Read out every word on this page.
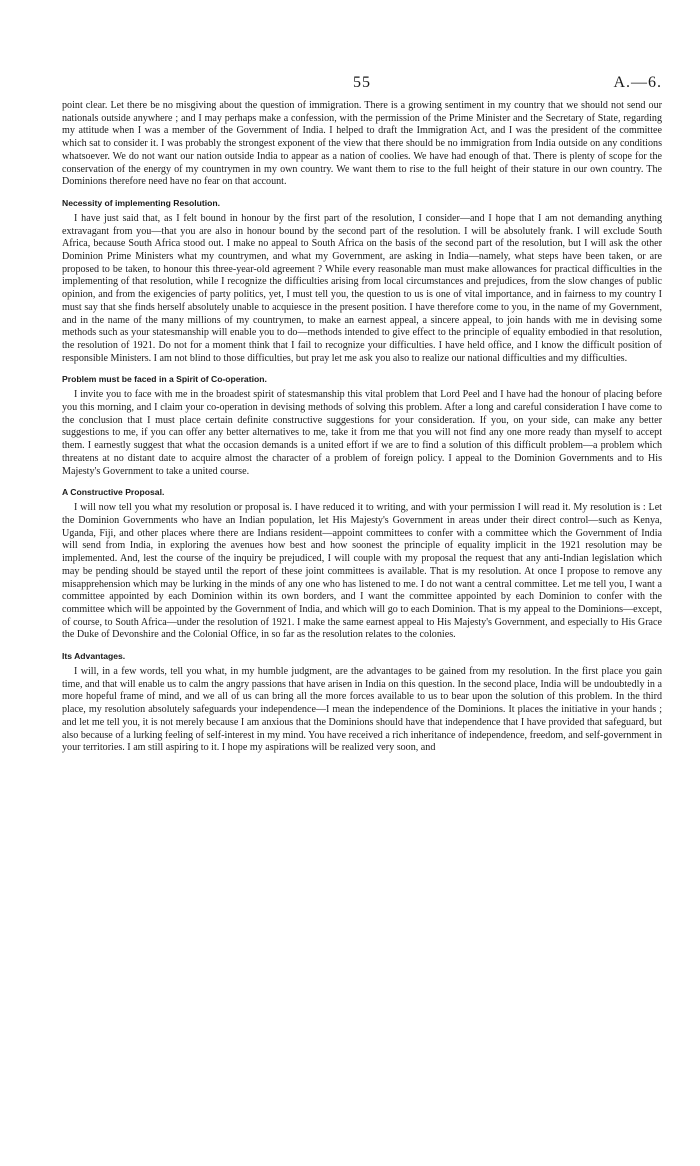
55	A.—6.

point clear. Let there be no misgiving about the question of immigration. There is a growing sentiment in my country that we should not send our nationals outside anywhere ; and I may perhaps make a confession, with the permission of the Prime Minister and the Secretary of State, regarding my attitude when I was a member of the Government of India. I helped to draft the Immigration Act, and I was the president of the committee which sat to consider it. I was probably the strongest exponent of the view that there should be no immigration from India outside on any conditions whatsoever. We do not want our nation outside India to appear as a nation of coolies. We have had enough of that. There is plenty of scope for the conservation of the energy of my countrymen in my own country. We want them to rise to the full height of their stature in our own country. The Dominions therefore need have no fear on that account.

Necessity of implementing Resolution.

I have just said that, as I felt bound in honour by the first part of the resolution, I consider—and I hope that I am not demanding anything extravagant from you—that you are also in honour bound by the second part of the resolution. I will be absolutely frank. I will exclude South Africa, because South Africa stood out. I make no appeal to South Africa on the basis of the second part of the resolution, but I will ask the other Dominion Prime Ministers what my countrymen, and what my Government, are asking in India—namely, what steps have been taken, or are proposed to be taken, to honour this three-year-old agreement ? While every reasonable man must make allowances for practical difficulties in the implementing of that resolution, while I recognize the difficulties arising from local circumstances and prejudices, from the slow changes of public opinion, and from the exigencies of party politics, yet, I must tell you, the question to us is one of vital importance, and in fairness to my country I must say that she finds herself absolutely unable to acquiesce in the present position. I have therefore come to you, in the name of my Government, and in the name of the many millions of my countrymen, to make an earnest appeal, a sincere appeal, to join hands with me in devising some methods such as your statesmanship will enable you to do—methods intended to give effect to the principle of equality embodied in that resolution, the resolution of 1921. Do not for a moment think that I fail to recognize your difficulties. I have held office, and I know the difficult position of responsible Ministers. I am not blind to those difficulties, but pray let me ask you also to realize our national difficulties and my difficulties.

Problem must be faced in a Spirit of Co-operation.

I invite you to face with me in the broadest spirit of statesmanship this vital problem that Lord Peel and I have had the honour of placing before you this morning, and I claim your co-operation in devising methods of solving this problem. After a long and careful consideration I have come to the conclusion that I must place certain definite constructive suggestions for your consideration. If you, on your side, can make any better suggestions to me, if you can offer any better alternatives to me, take it from me that you will not find any one more ready than myself to accept them. I earnestly suggest that what the occasion demands is a united effort if we are to find a solution of this difficult problem—a problem which threatens at no distant date to acquire almost the character of a problem of foreign policy. I appeal to the Dominion Governments and to His Majesty's Government to take a united course.

A Constructive Proposal.

I will now tell you what my resolution or proposal is. I have reduced it to writing, and with your permission I will read it. My resolution is : Let the Dominion Governments who have an Indian population, let His Majesty's Government in areas under their direct control—such as Kenya, Uganda, Fiji, and other places where there are Indians resident—appoint committees to confer with a committee which the Government of India will send from India, in exploring the avenues how best and how soonest the principle of equality implicit in the 1921 resolution may be implemented. And, lest the course of the inquiry be prejudiced, I will couple with my proposal the request that any anti-Indian legislation which may be pending should be stayed until the report of these joint committees is available. That is my resolution. At once I propose to remove any misapprehension which may be lurking in the minds of any one who has listened to me. I do not want a central committee. Let me tell you, I want a committee appointed by each Dominion within its own borders, and I want the committee appointed by each Dominion to confer with the committee which will be appointed by the Government of India, and which will go to each Dominion. That is my appeal to the Dominions—except, of course, to South Africa—under the resolution of 1921. I make the same earnest appeal to His Majesty's Government, and especially to His Grace the Duke of Devonshire and the Colonial Office, in so far as the resolution relates to the colonies.

Its Advantages.

I will, in a few words, tell you what, in my humble judgment, are the advantages to be gained from my resolution. In the first place you gain time, and that will enable us to calm the angry passions that have arisen in India on this question. In the second place, India will be undoubtedly in a more hopeful frame of mind, and we all of us can bring all the more forces available to us to bear upon the solution of this problem. In the third place, my resolution absolutely safeguards your independence—I mean the independence of the Dominions. It places the initiative in your hands ; and let me tell you, it is not merely because I am anxious that the Dominions should have that independence that I have provided that safeguard, but also because of a lurking feeling of self-interest in my mind. You have received a rich inheritance of independence, freedom, and self-government in your territories. I am still aspiring to it. I hope my aspirations will be realized very soon, and
